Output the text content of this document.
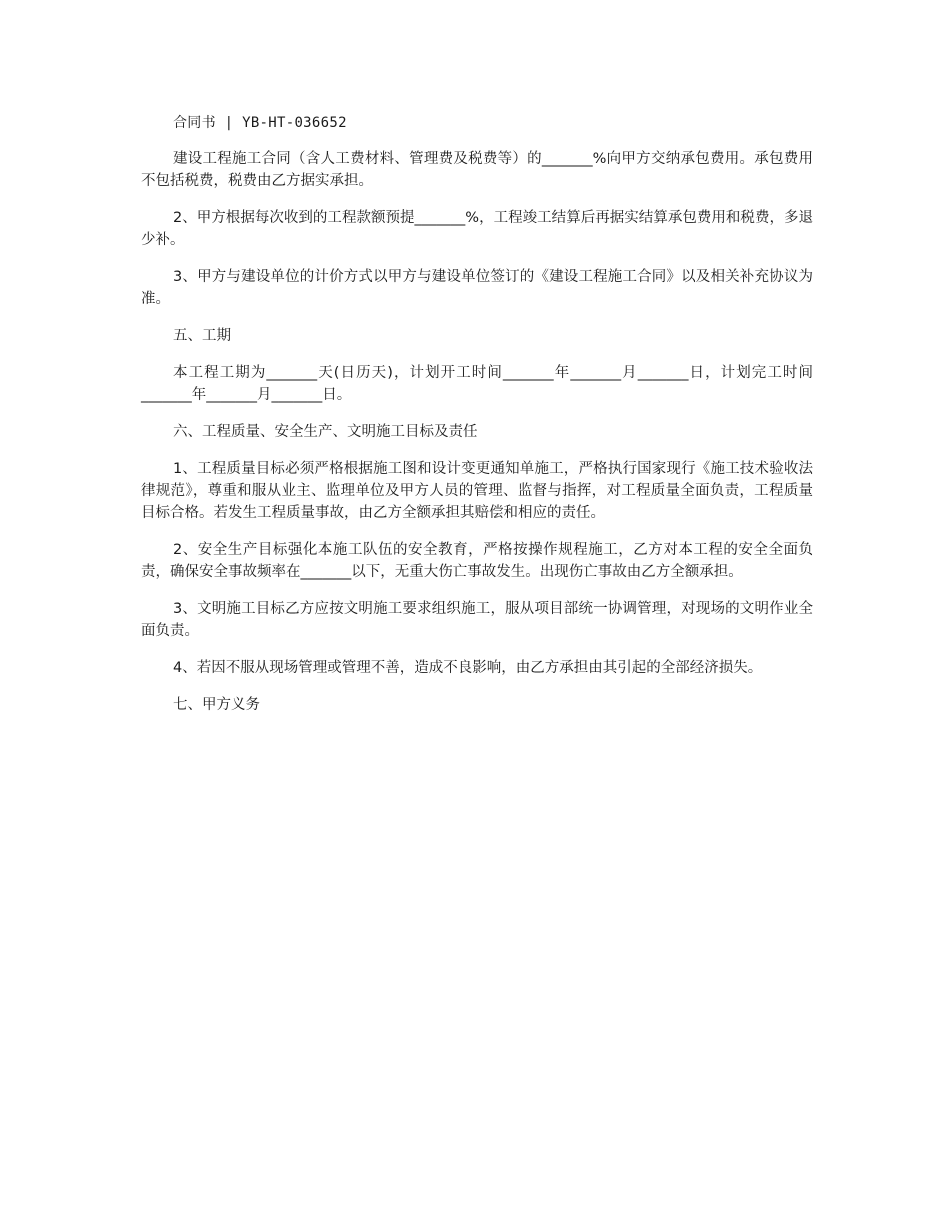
合同书 | YB-HT-036652

建设工程施工合同（含人工费材料、管理费及税费等）的_______%向甲方交纳承包费用。承包费用不包括税费，税费由乙方据实承担。

2、甲方根据每次收到的工程款额预提_______%，工程竣工结算后再据实结算承包费用和税费，多退少补。

3、甲方与建设单位的计价方式以甲方与建设单位签订的《建设工程施工合同》以及相关补充协议为准。

五、工期

本工程工期为_______天(日历天)，计划开工时间_______年_______月_______日，计划完工时间_______年_______月_______日。

六、工程质量、安全生产、文明施工目标及责任

1、工程质量目标必须严格根据施工图和设计变更通知单施工，严格执行国家现行《施工技术验收法律规范》，尊重和服从业主、监理单位及甲方人员的管理、监督与指挥，对工程质量全面负责，工程质量目标合格。若发生工程质量事故，由乙方全额承担其赔偿和相应的责任。

2、安全生产目标强化本施工队伍的安全教育，严格按操作规程施工，乙方对本工程的安全全面负责，确保安全事故频率在_______以下，无重大伤亡事故发生。出现伤亡事故由乙方全额承担。

3、文明施工目标乙方应按文明施工要求组织施工，服从项目部统一协调管理，对现场的文明作业全面负责。

4、若因不服从现场管理或管理不善，造成不良影响，由乙方承担由其引起的全部经济损失。

七、甲方义务
